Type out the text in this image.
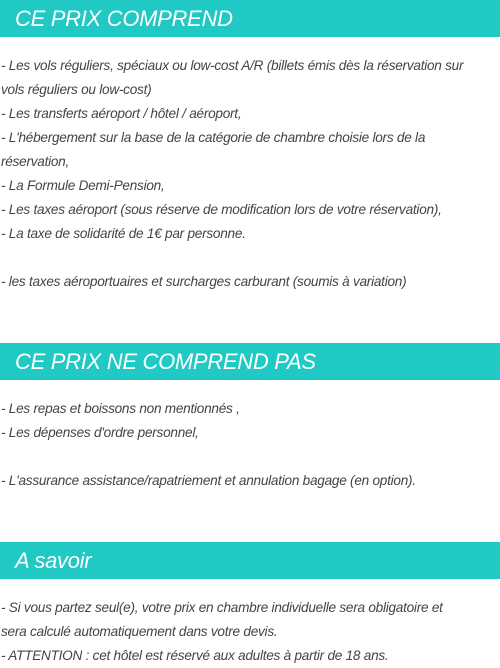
CE PRIX COMPREND
- Les vols réguliers, spéciaux ou low-cost A/R (billets émis dès la réservation sur
vols réguliers ou low-cost)
- Les transferts aéroport / hôtel / aéroport,
- L'hébergement sur la base de la catégorie de chambre choisie lors de la
réservation,
- La Formule Demi-Pension,
- Les taxes aéroport (sous réserve de modification lors de votre réservation),
- La taxe de solidarité de 1€ par personne.
- les taxes aéroportuaires et surcharges carburant (soumis à variation)
CE PRIX NE COMPREND PAS
- Les repas et boissons non mentionnés ,
- Les dépenses d'ordre personnel,
- L'assurance assistance/rapatriement et annulation bagage (en option).
A savoir
- Si vous partez seul(e), votre prix en chambre individuelle sera obligatoire et
sera calculé automatiquement dans votre devis.
- ATTENTION : cet hôtel est réservé aux adultes à partir de 18 ans.
